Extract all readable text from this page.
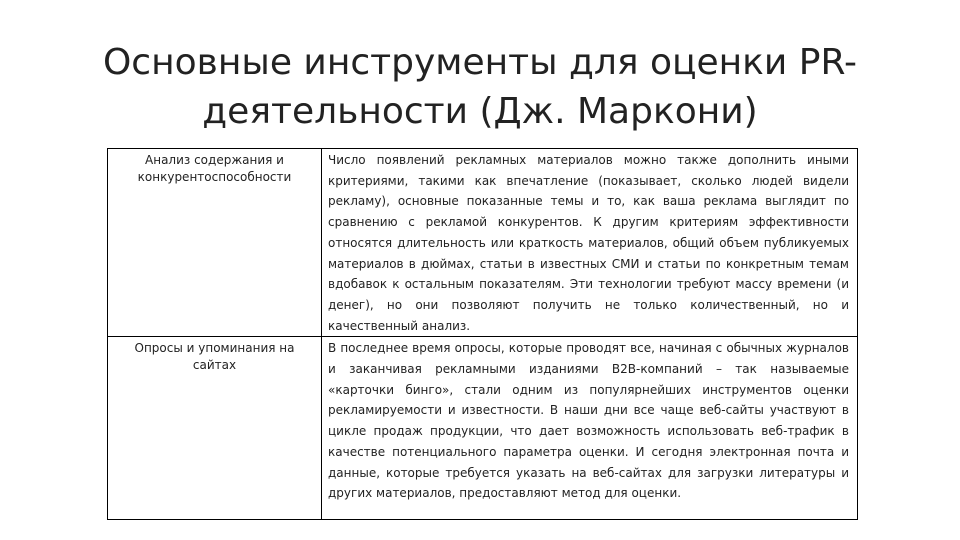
Основные инструменты для оценки PR-деятельности (Дж. Маркони)
Анализ содержания и конкурентоспособности	Число появлений рекламных материалов можно также дополнить иными критериями, такими как впечатление (показывает, сколько людей видели рекламу), основные показанные темы и то, как ваша реклама выглядит по сравнению с рекламой конкурентов. К другим критериям эффективности относятся длительность или краткость материалов, общий объем публикуемых материалов в дюймах, статьи в известных СМИ и статьи по конкретным темам вдобавок к остальным показателям. Эти технологии требуют массу времени (и денег), но они позволяют получить не только количественный, но и качественный анализ.
Опросы и упоминания на сайтах	В последнее время опросы, которые проводят все, начиная с обычных журналов и заканчивая рекламными изданиями B2B-компаний – так называемые «карточки бинго», стали одним из популярнейших инструментов оценки рекламируемости и известности. В наши дни все чаще веб-сайты участвуют в цикле продаж продукции, что дает возможность использовать веб-трафик в качестве потенциального параметра оценки. И сегодня электронная почта и данные, которые требуется указать на веб-сайтах для загрузки литературы и других материалов, предоставляют метод для оценки.
